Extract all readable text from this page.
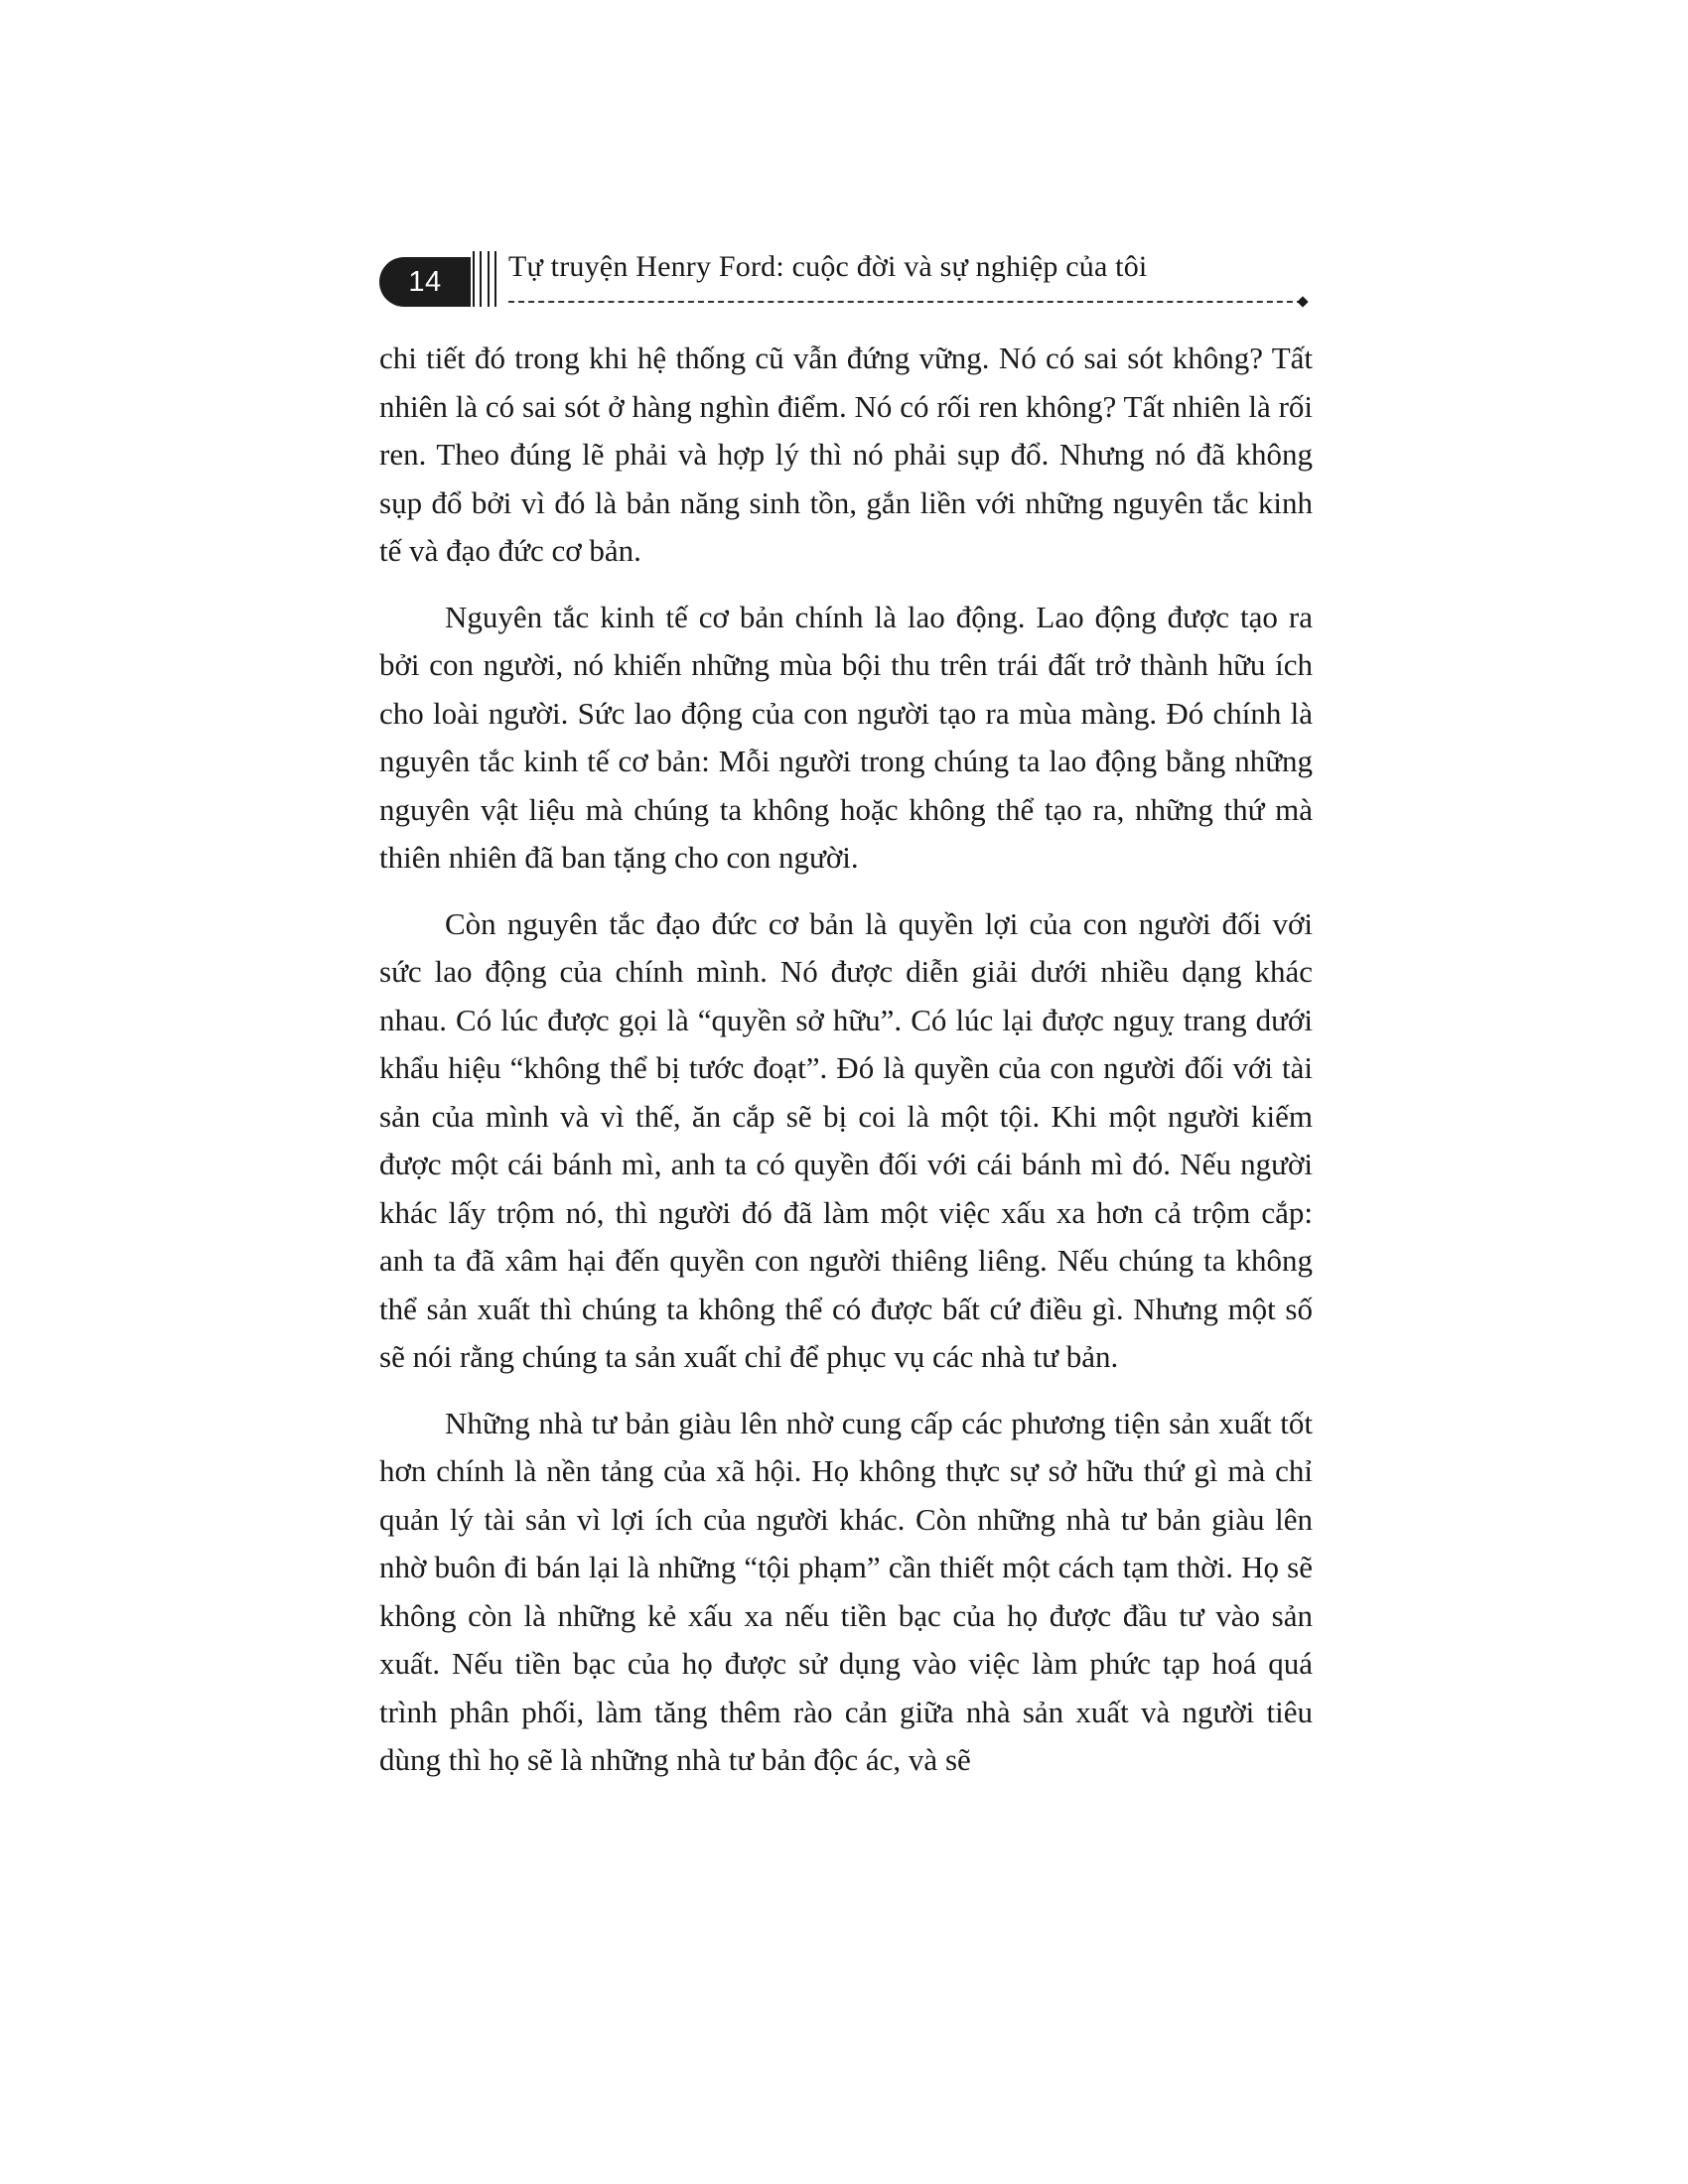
14	Tự truyện Henry Ford: cuộc đời và sự nghiệp của tôi

chi tiết đó trong khi hệ thống cũ vẫn đứng vững. Nó có sai sót không? Tất nhiên là có sai sót ở hàng nghìn điểm. Nó có rối ren không? Tất nhiên là rối ren. Theo đúng lẽ phải và hợp lý thì nó phải sụp đổ. Nhưng nó đã không sụp đổ bởi vì đó là bản năng sinh tồn, gắn liền với những nguyên tắc kinh tế và đạo đức cơ bản.

Nguyên tắc kinh tế cơ bản chính là lao động. Lao động được tạo ra bởi con người, nó khiến những mùa bội thu trên trái đất trở thành hữu ích cho loài người. Sức lao động của con người tạo ra mùa màng. Đó chính là nguyên tắc kinh tế cơ bản: Mỗi người trong chúng ta lao động bằng những nguyên vật liệu mà chúng ta không hoặc không thể tạo ra, những thứ mà thiên nhiên đã ban tặng cho con người.

Còn nguyên tắc đạo đức cơ bản là quyền lợi của con người đối với sức lao động của chính mình. Nó được diễn giải dưới nhiều dạng khác nhau. Có lúc được gọi là “quyền sở hữu”. Có lúc lại được nguỵ trang dưới khẩu hiệu “không thể bị tước đoạt”. Đó là quyền của con người đối với tài sản của mình và vì thế, ăn cắp sẽ bị coi là một tội. Khi một người kiếm được một cái bánh mì, anh ta có quyền đối với cái bánh mì đó. Nếu người khác lấy trộm nó, thì người đó đã làm một việc xấu xa hơn cả trộm cắp: anh ta đã xâm hại đến quyền con người thiêng liêng. Nếu chúng ta không thể sản xuất thì chúng ta không thể có được bất cứ điều gì. Nhưng một số sẽ nói rằng chúng ta sản xuất chỉ để phục vụ các nhà tư bản.

Những nhà tư bản giàu lên nhờ cung cấp các phương tiện sản xuất tốt hơn chính là nền tảng của xã hội. Họ không thực sự sở hữu thứ gì mà chỉ quản lý tài sản vì lợi ích của người khác. Còn những nhà tư bản giàu lên nhờ buôn đi bán lại là những “tội phạm” cần thiết một cách tạm thời. Họ sẽ không còn là những kẻ xấu xa nếu tiền bạc của họ được đầu tư vào sản xuất. Nếu tiền bạc của họ được sử dụng vào việc làm phức tạp hoá quá trình phân phối, làm tăng thêm rào cản giữa nhà sản xuất và người tiêu dùng thì họ sẽ là những nhà tư bản độc ác, và sẽ
